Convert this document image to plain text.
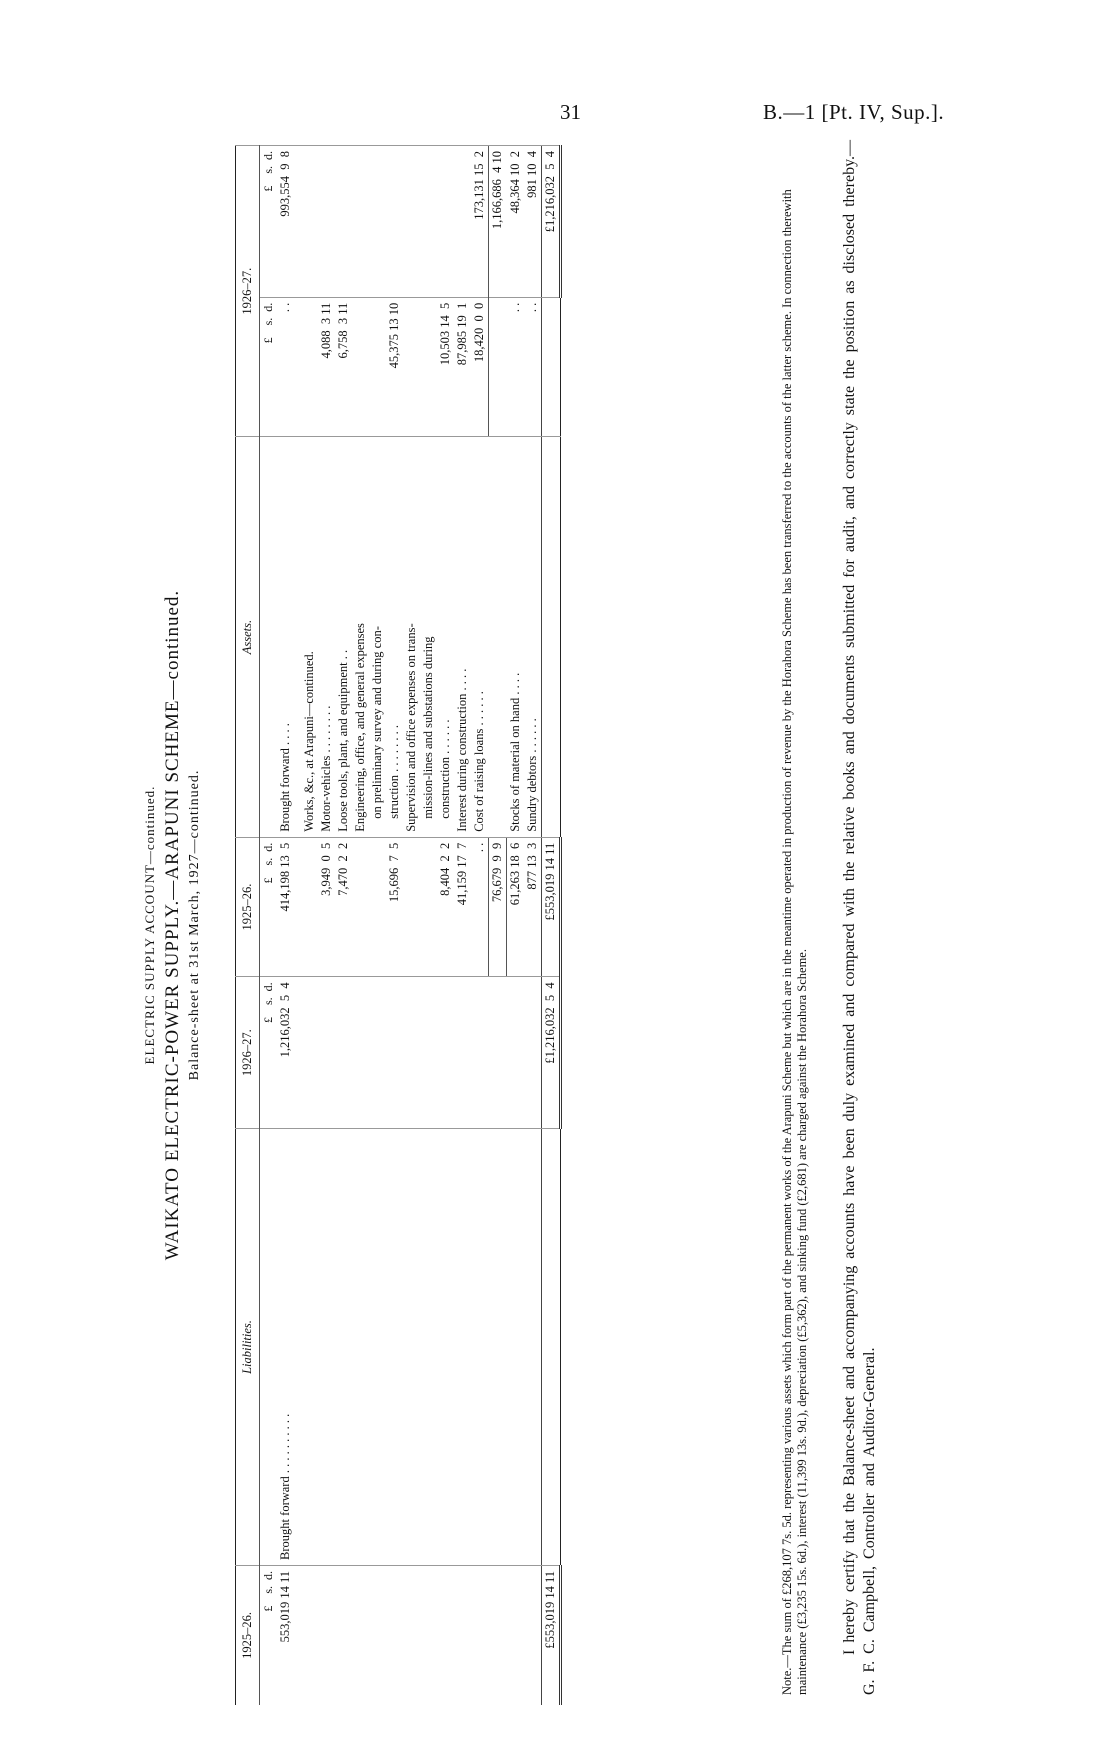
31	B.—1 [Pt. IV, Sup.].
ELECTRIC SUPPLY ACCOUNT—continued. WAIKATO ELECTRIC-POWER SUPPLY.—ARAPUNI SCHEME—continued. Balance-sheet at 31st March, 1927—continued.
1925–26.	Liabilities.	1926–27.	1925–26.	Assets.	1926–27.	
£    s.  d.		£    s.  d.	£    s.  d.		£    s.  d.	£    s.  d.
553,019 14 11	Brought forward . . . . . . . . . .	1,216,032  5  4	414,198 13  5	Brought forward . . . .	. .	993,554  9  8
				Works, &c., at Arapuni—continued.		
			3,949  0  5	Motor-vehicles . . . . . . . .	4,088  3 11	
			7,470  2  2	Loose tools, plant, and equipment . .	6,758  3 11	
				Engineering, office, and general expenses		
				on preliminary survey and during con-		
			15,696  7  5	struction . . . . . . . .	45,375 13 10	
				Supervision and office expenses on trans-		
				mission-lines and substations during		
			8,404  2  2	construction . . . . . .	10,503 14  5	
			41,159 17  7	Interest during construction . . . .	87,985 19  1	
			. .	Cost of raising loans . . . . . .	18,420  0  0	173,131 15  2
			76,679  9  9			1,166,686  4 10
			61,263 18  6	Stocks of material on hand . . . .	. .	48,364 10  2
			877 13  3	Sundry debtors . . . . . .	. .	981 10  4
£553,019 14 11		£1,216,032  5  4	£553,019 14 11			£1,216,032  5  4	Note.—The sum of £268,107 7s. 5d. representing various assets which form part of the permanent works of the Arapuni Scheme but which are in the meantime operated in production of revenue by the Horahora Scheme has been transferred to the accounts of the latter scheme. In connection therewith maintenance (£3,235 15s. 6d.), interest (11,399 13s. 9d.), depreciation (£5,362), and sinking fund (£2,681) are charged against the Horahora Scheme. I hereby certify that the Balance-sheet and accompanying accounts have been duly examined and compared with the relative books and documents submitted for audit, and correctly state the position as disclosed thereby.—G. F. C. Campbell, Controller and Auditor-General.
